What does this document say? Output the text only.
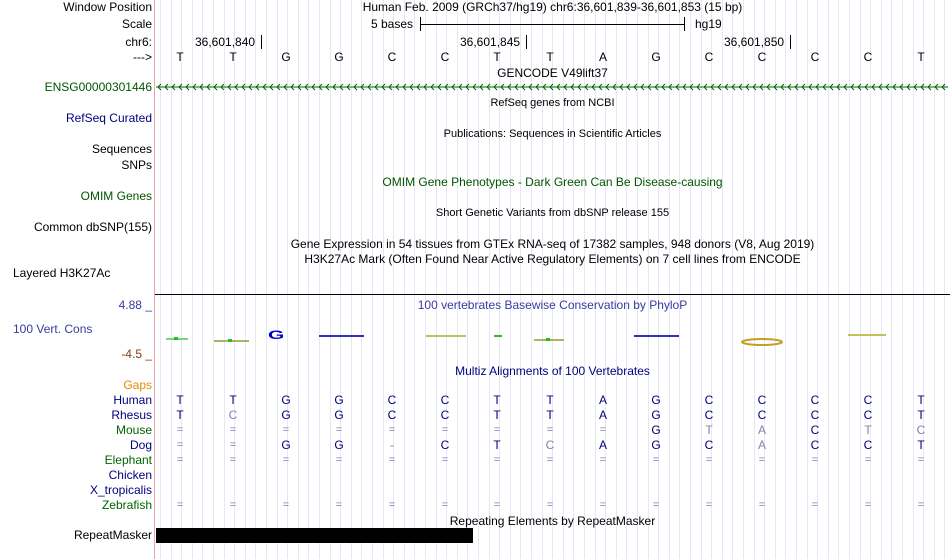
Window Position	Human Feb. 2009 (GRCh37/hg19) chr6:36,601,839-36,601,853 (15 bp)
Scale	5 bases	hg19
chr6:	36,601,840	36,601,845	36,601,850
--->	T	T	G	G	C	C	T	T	A	G	C	C	C	C	T
GENCODE V49lift37
ENSG00000301446
RefSeq genes from NCBI
RefSeq Curated
Publications: Sequences in Scientific Articles
Sequences
SNPs
OMIM Gene Phenotypes - Dark Green Can Be Disease-causing
OMIM Genes
Short Genetic Variants from dbSNP release 155
Common dbSNP(155)
Gene Expression in 54 tissues from GTEx RNA-seq of 17382 samples, 948 donors (V8, Aug 2019)
H3K27Ac Mark (Often Found Near Active Regulatory Elements) on 7 cell lines from ENCODE
Layered H3K27Ac
100 vertebrates Basewise Conservation by PhyloP
4.88 _
100 Vert. Cons
-4.5 _
G
Multiz Alignments of 100 Vertebrates
Gaps
Human	T	T	G	G	C	C	T	T	A	G	C	C	C	C	T
Rhesus	T	C	G	G	C	C	T	T	A	G	C	C	C	C	T
Mouse	=	=	=	=	=	=	=	=	=	G	T	A	C	T	C
Dog	=	=	G	G	-	C	T	C	A	G	C	A	C	C	T
Elephant	=	=	=	=	=	=	=	=	=	=	=	=	=	=	=
Chicken
X_tropicalis
Zebrafish	=	=	=	=	=	=	=	=	=	=	=	=	=	=	=
Repeating Elements by RepeatMasker
RepeatMasker
